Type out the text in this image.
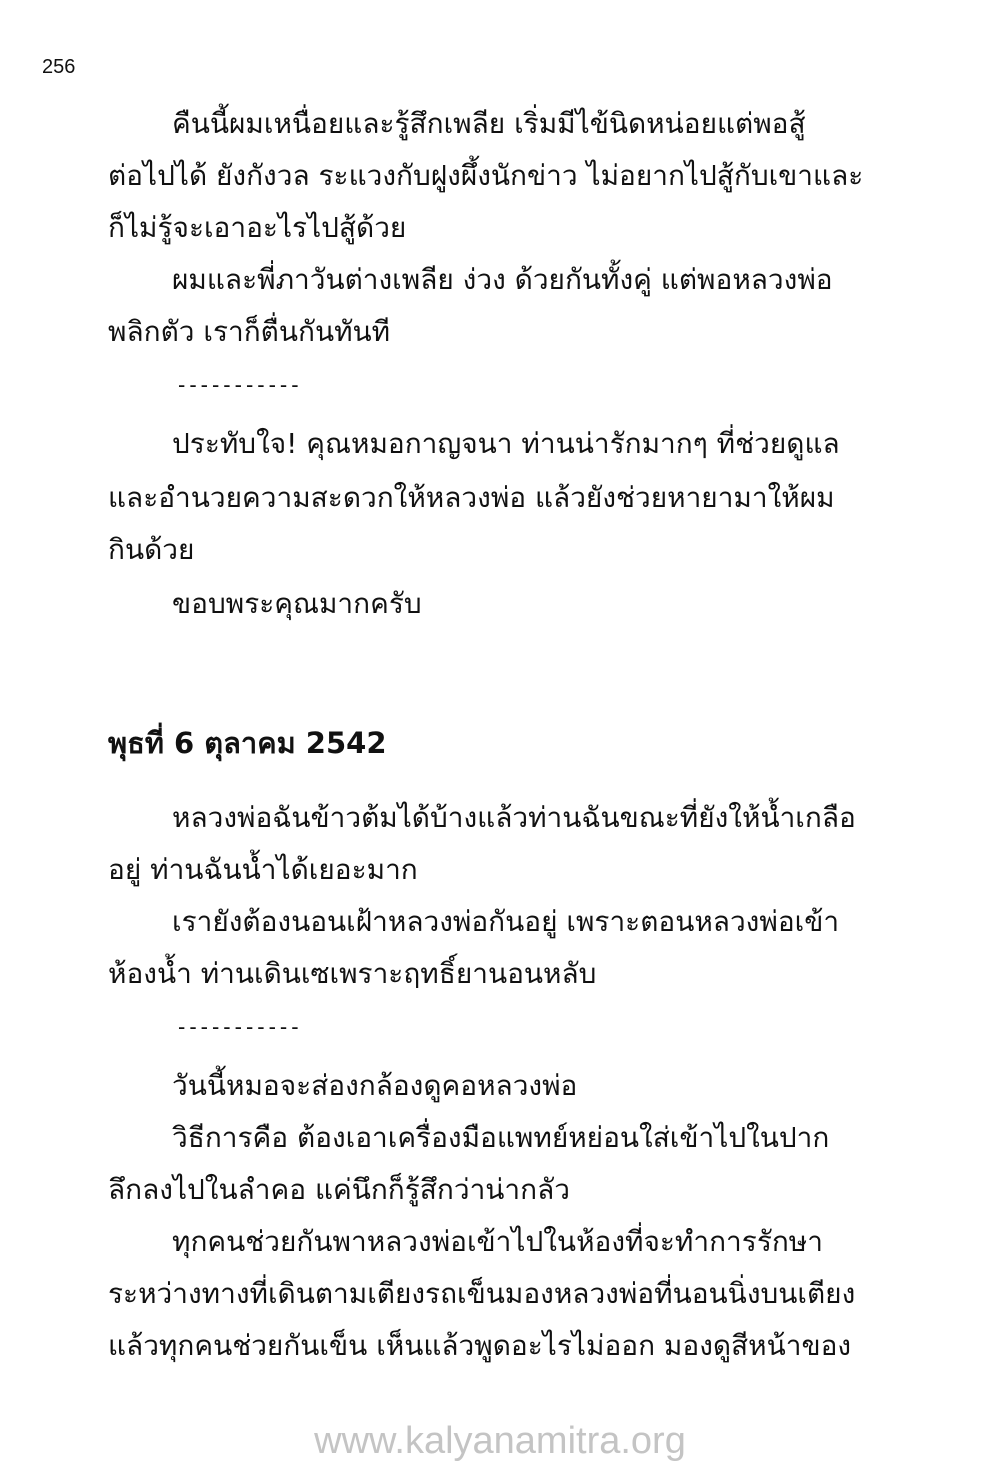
256
คืนนี้ผมเหนื่อยและรู้สึกเพลีย เริ่มมีไข้นิดหน่อยแต่พอสู้
ต่อไปได้ ยังกังวล ระแวงกับฝูงผึ้งนักข่าว ไม่อยากไปสู้กับเขาและ
ก็ไม่รู้จะเอาอะไรไปสู้ด้วย
ผมและพี่ภาวันต่างเพลีย ง่วง ด้วยกันทั้งคู่ แต่พอหลวงพ่อ
พลิกตัว เราก็ตื่นกันทันที
-----------
ประทับใจ! คุณหมอกาญจนา ท่านน่ารักมากๆ ที่ช่วยดูแล
และอำนวยความสะดวกให้หลวงพ่อ แล้วยังช่วยหายามาให้ผม
กินด้วย
ขอบพระคุณมากครับ
พุธที่ 6 ตุลาคม 2542
หลวงพ่อฉันข้าวต้มได้บ้างแล้วท่านฉันขณะที่ยังให้น้ำเกลือ
อยู่ ท่านฉันน้ำได้เยอะมาก
เรายังต้องนอนเฝ้าหลวงพ่อกันอยู่ เพราะตอนหลวงพ่อเข้า
ห้องน้ำ ท่านเดินเซเพราะฤทธิ์ยานอนหลับ
-----------
วันนี้หมอจะส่องกล้องดูคอหลวงพ่อ
วิธีการคือ ต้องเอาเครื่องมือแพทย์หย่อนใส่เข้าไปในปาก
ลึกลงไปในลำคอ แค่นึกก็รู้สึกว่าน่ากลัว
ทุกคนช่วยกันพาหลวงพ่อเข้าไปในห้องที่จะทำการรักษา
ระหว่างทางที่เดินตามเตียงรถเข็นมองหลวงพ่อที่นอนนิ่งบนเตียง
แล้วทุกคนช่วยกันเข็น เห็นแล้วพูดอะไรไม่ออก มองดูสีหน้าของ
www.kalyanamitra.org
